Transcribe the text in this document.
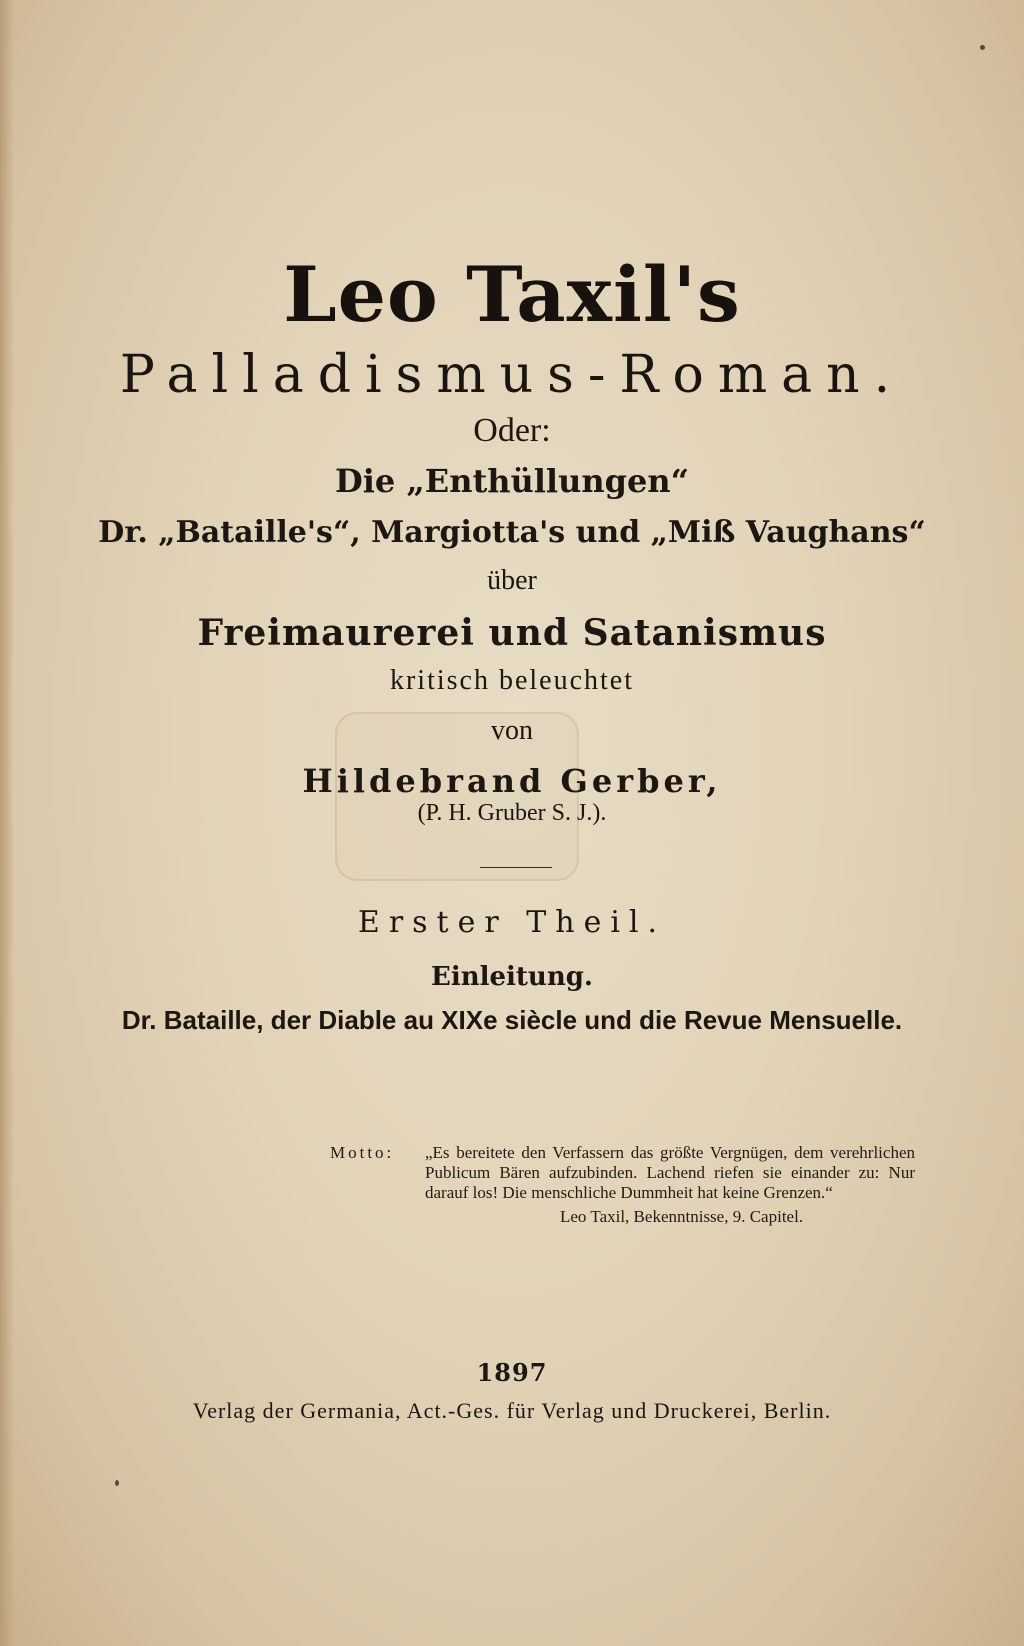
Leo Taxil's
Palladismus-Roman.
Oder:
Die „Enthüllungen“
Dr. „Bataille's“, Margiotta's und „Miß Vaughans“
über
Freimaurerei und Satanismus
kritisch beleuchtet
von
Hildebrand Gerber,
(P. H. Gruber S. J.).
Erster Theil.
Einleitung.
Dr. Bataille, der Diable au XIXe siècle und die Revue Mensuelle.
Motto: „Es bereitete den Verfassern das größte Vergnügen, dem verehrlichen Publicum Bären aufzubinden. Lachend riefen sie einander zu: Nur darauf los! Die menschliche Dummheit hat keine Grenzen.“
Leo Taxil, Bekenntnisse, 9. Capitel.
1897
Verlag der Germania, Act.-Ges. für Verlag und Druckerei, Berlin.
